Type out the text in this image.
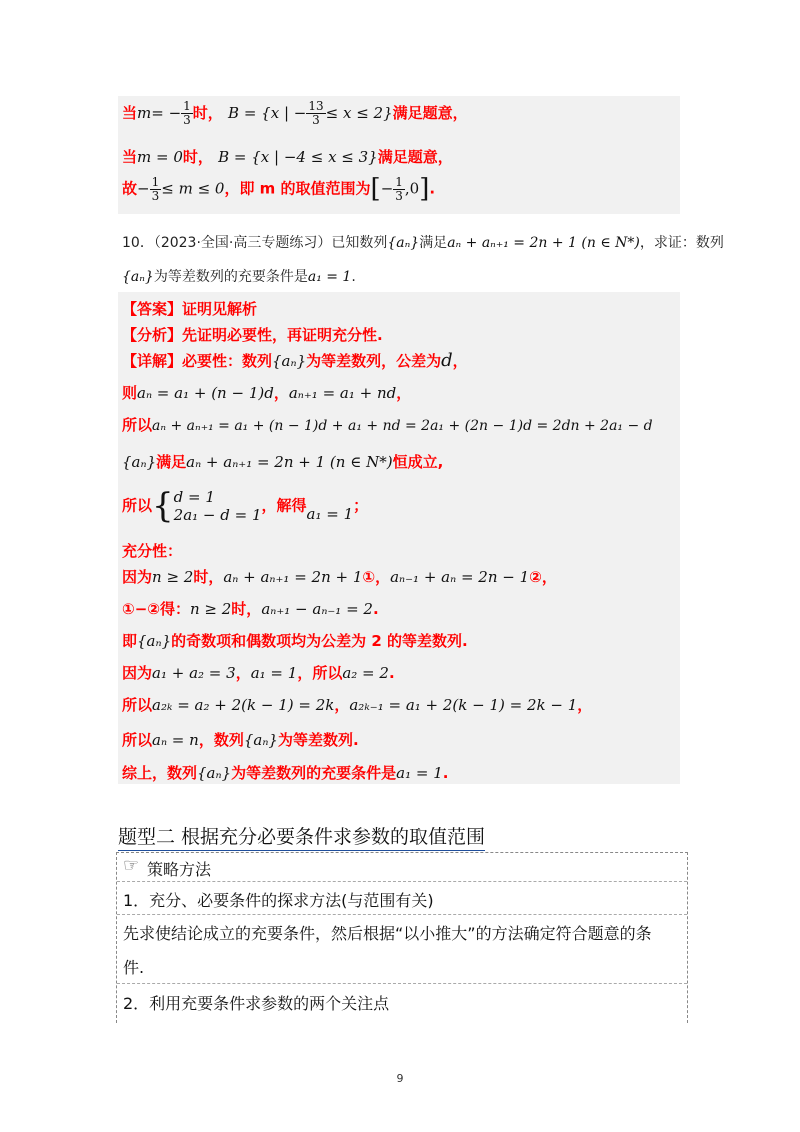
当$m= - \frac{1}{3}$ 时， B = {x | − $\frac{13}{3} \le x \le 2$}满足题意，
当m = 0时， B = {x | −4 ≤ x ≤ 3}满足题意，
故− $\frac{1}{3} \le m \le 0$，即 m 的取值范围为[− $\frac{1}{3} ,0$].
10．（2023·全国·高三专题练习）已知数列{aₙ}满足aₙ + aₙ₊₁ = 2n + 1 (n ∈ N*)，求证：数列
{aₙ}为等差数列的充要条件是a₁ = 1.
【答案】证明见解析
【分析】先证明必要性，再证明充分性.
【详解】必要性：数列{aₙ}为等差数列，公差为d，
则aₙ = a₁ + (n − 1)d，aₙ₊₁ = a₁ + nd，
所以aₙ + aₙ₊₁ = a₁ + (n − 1)d + a₁ + nd = 2a₁ + (2n − 1)d = 2dn + 2a₁ − d
{aₙ}满足aₙ + aₙ₊₁ = 2n + 1 (n ∈ N*)恒成立,
所以{ d = 1
2a₁ − d = 1
，解得a₁ = 1；
充分性：
因为n ≥ 2时，aₙ + aₙ₊₁ = 2n + 1①，aₙ₋₁ + aₙ = 2n − 1②，
①−②得：n ≥ 2时，aₙ₊₁ − aₙ₋₁ = 2.
即{aₙ}的奇数项和偶数项均为公差为 2 的等差数列.
因为a₁ + a₂ = 3，a₁ = 1，所以a₂ = 2.
所以a₂ₖ = a₂ + 2(k − 1) = 2k，a₂ₖ₋₁ = a₁ + 2(k − 1) = 2k − 1，
所以aₙ = n，数列{aₙ}为等差数列.
综上，数列{aₙ}为等差数列的充要条件是a₁ = 1.
题型二 根据充分必要条件求参数的取值范围
☞ 策略方法
1．充分、必要条件的探求方法(与范围有关)
先求使结论成立的充要条件，然后根据“以小推大”的方法确定符合题意的条
件.
2．利用充要条件求参数的两个关注点
9
